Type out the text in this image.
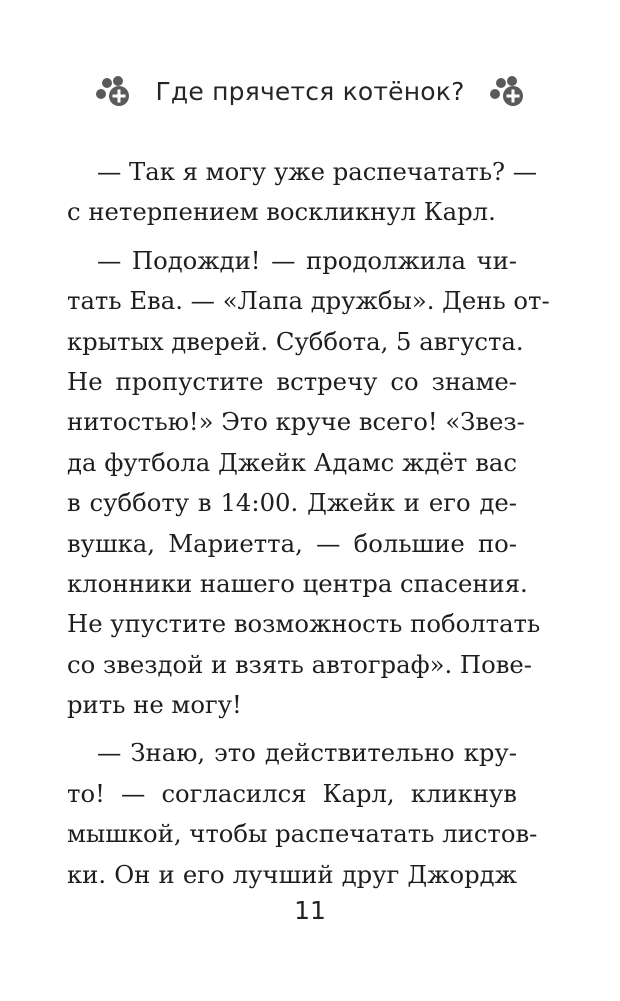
Где прячется котёнок?
— Так я могу уже распечатать? —
с нетерпением воскликнул Карл.
— Подожди! — продолжила чи-
тать Ева. — «Лапа дружбы». День от-
крытых дверей. Суббота, 5 августа.
Не пропустите встречу со знаме-
нитостью!» Это круче всего! «Звез-
да футбола Джейк Адамс ждёт вас
в субботу в 14:00. Джейк и его де-
вушка, Мариетта, — большие по-
клонники нашего центра спасения.
Не упустите возможность поболтать
со звездой и взять автограф». Пове-
рить не могу!
— Знаю, это действительно кру-
то! — согласился Карл, кликнув
мышкой, чтобы распечатать листов-
ки. Он и его лучший друг Джордж
11
